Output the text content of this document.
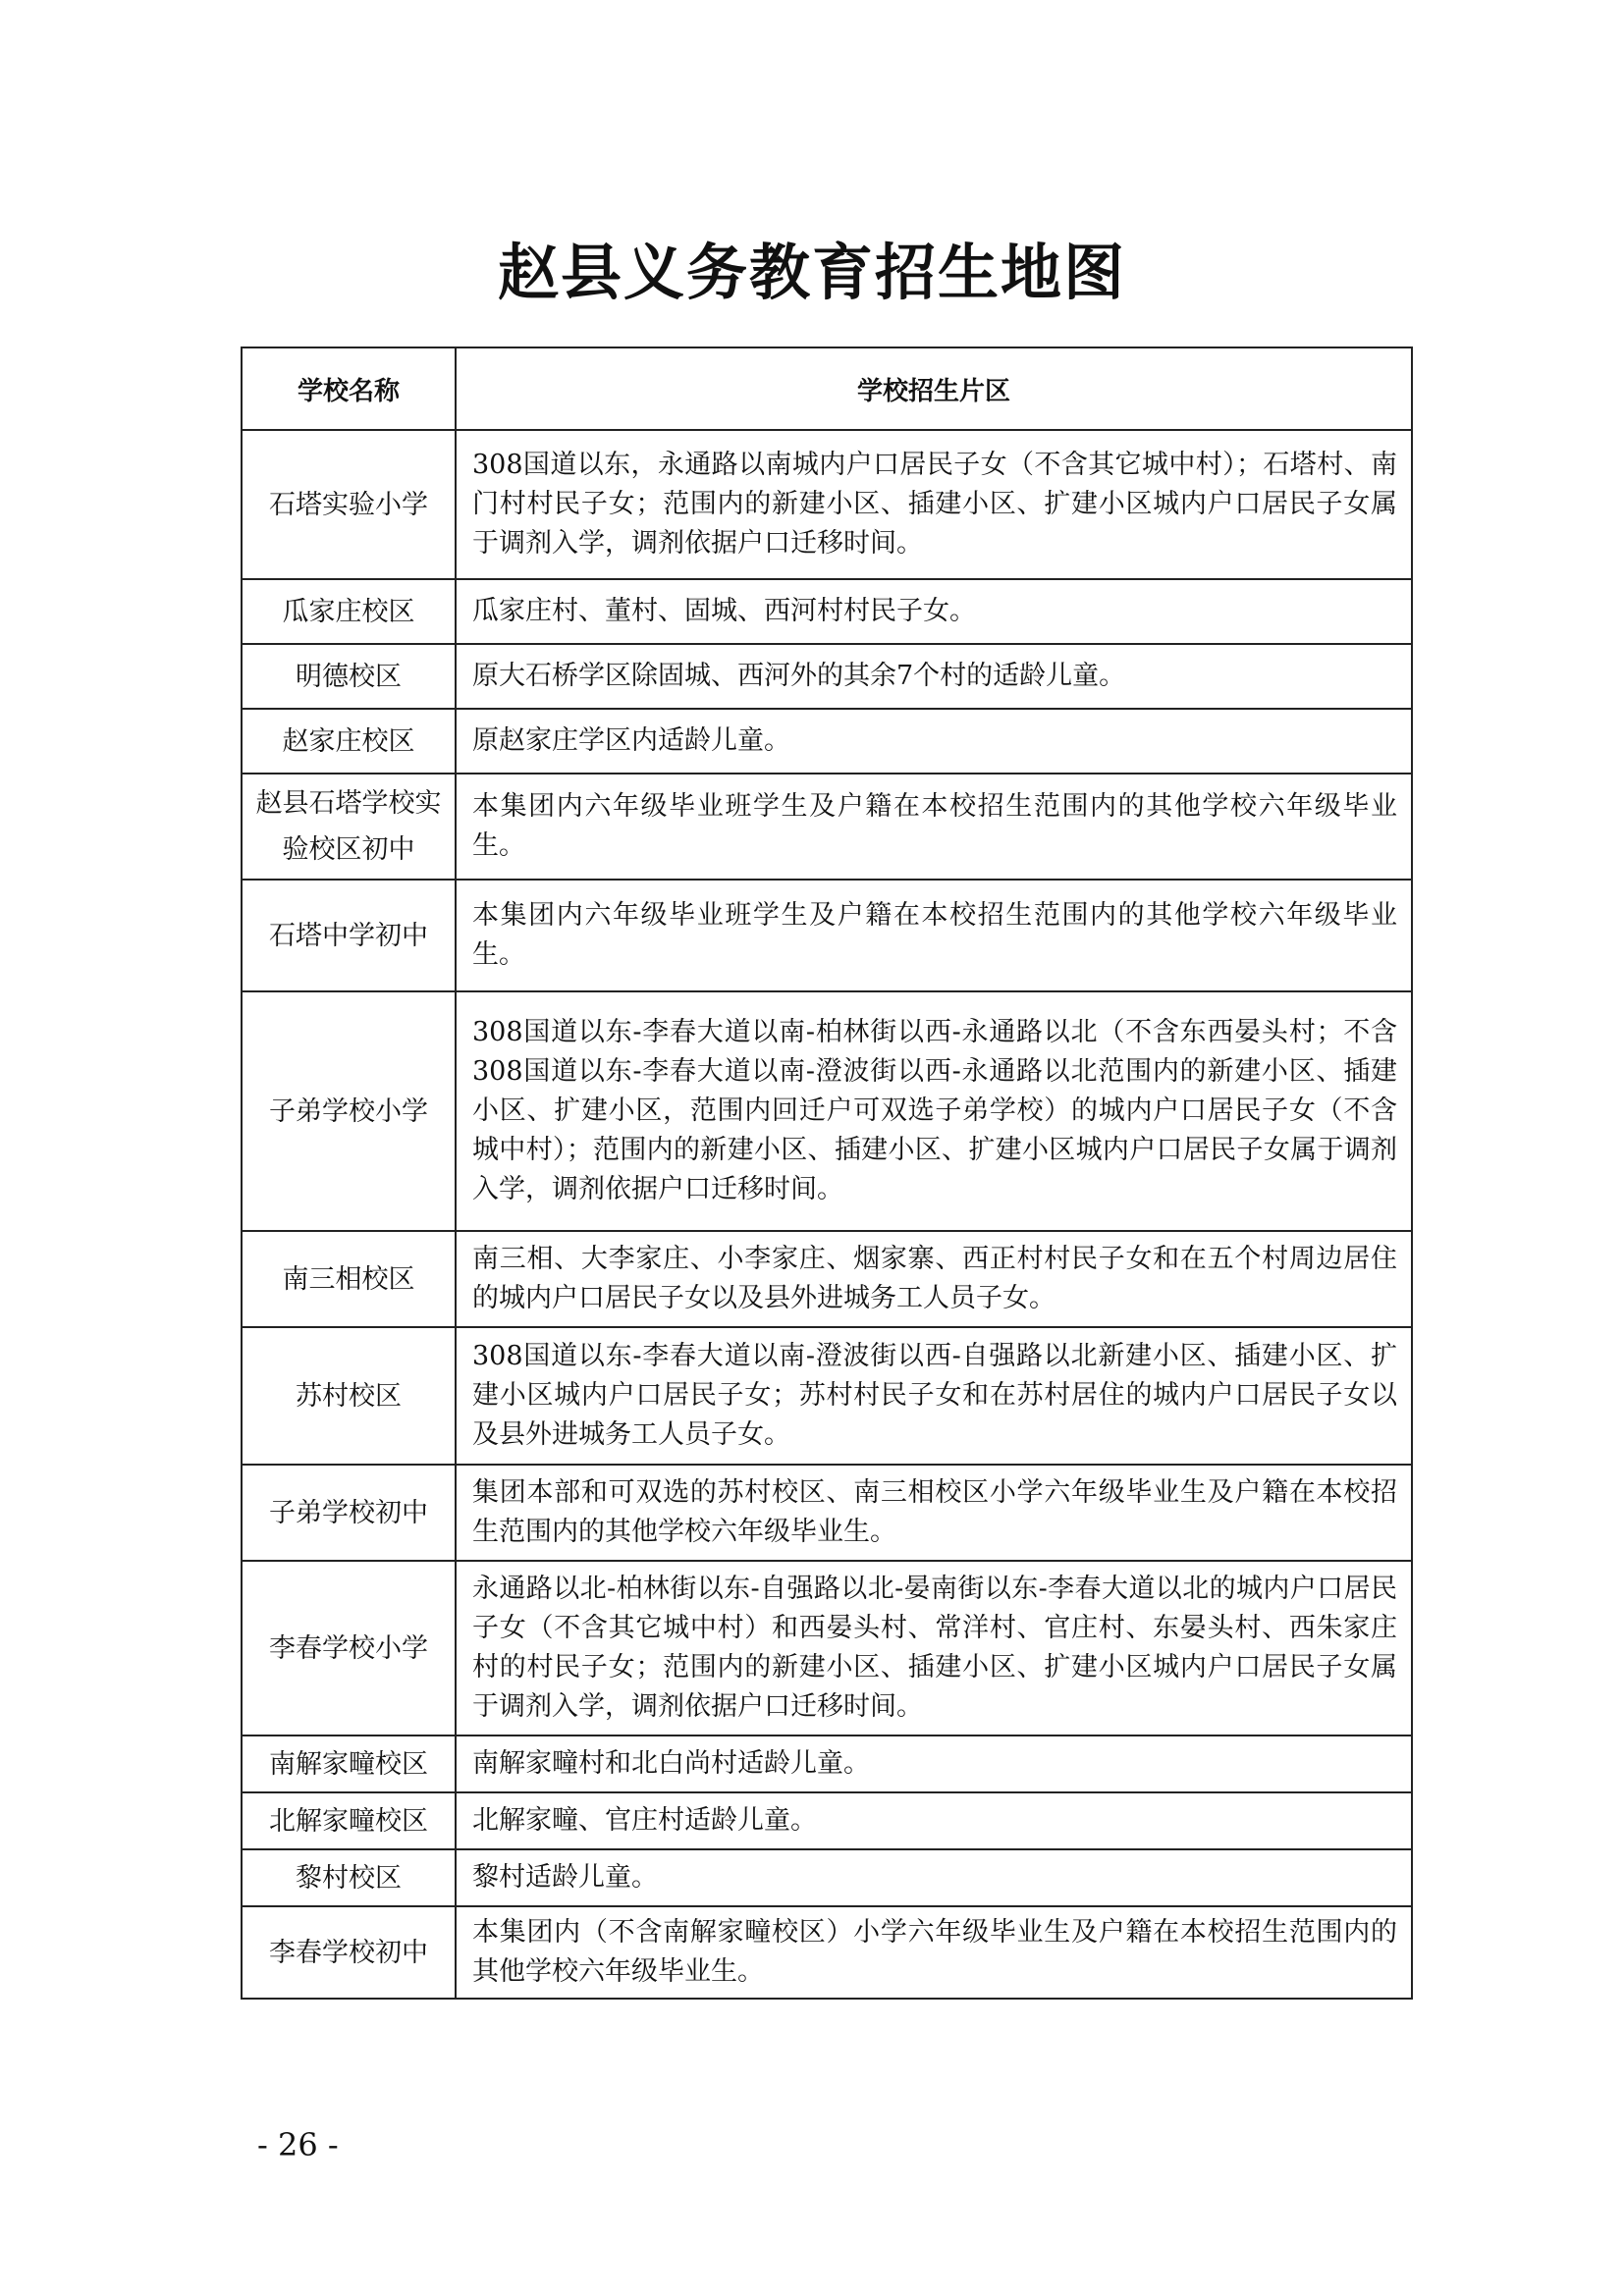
赵县义务教育招生地图
学校名称	学校招生片区
石塔实验小学	308国道以东，永通路以南城内户口居民子女（不含其它城中村）；石塔村、南门村村民子女；范围内的新建小区、插建小区、扩建小区城内户口居民子女属于调剂入学，调剂依据户口迁移时间。
瓜家庄校区	瓜家庄村、董村、固城、西河村村民子女。
明德校区	原大石桥学区除固城、西河外的其余7个村的适龄儿童。
赵家庄校区	原赵家庄学区内适龄儿童。
赵县石塔学校实验校区初中	本集团内六年级毕业班学生及户籍在本校招生范围内的其他学校六年级毕业生。
石塔中学初中	本集团内六年级毕业班学生及户籍在本校招生范围内的其他学校六年级毕业生。
子弟学校小学	308国道以东-李春大道以南-柏林街以西-永通路以北（不含东西晏头村；不含308国道以东-李春大道以南-澄波街以西-永通路以北范围内的新建小区、插建小区、扩建小区，范围内回迁户可双选子弟学校）的城内户口居民子女（不含城中村）；范围内的新建小区、插建小区、扩建小区城内户口居民子女属于调剂入学，调剂依据户口迁移时间。
南三相校区	南三相、大李家庄、小李家庄、烟家寨、西正村村民子女和在五个村周边居住的城内户口居民子女以及县外进城务工人员子女。
苏村校区	308国道以东-李春大道以南-澄波街以西-自强路以北新建小区、插建小区、扩建小区城内户口居民子女；苏村村民子女和在苏村居住的城内户口居民子女以及县外进城务工人员子女。
子弟学校初中	集团本部和可双选的苏村校区、南三相校区小学六年级毕业生及户籍在本校招生范围内的其他学校六年级毕业生。
李春学校小学	永通路以北-柏林街以东-自强路以北-晏南街以东-李春大道以北的城内户口居民子女（不含其它城中村）和西晏头村、常洋村、官庄村、东晏头村、西朱家庄村的村民子女；范围内的新建小区、插建小区、扩建小区城内户口居民子女属于调剂入学，调剂依据户口迁移时间。
南解家疃校区	南解家疃村和北白尚村适龄儿童。
北解家疃校区	北解家疃、官庄村适龄儿童。
黎村校区	黎村适龄儿童。
李春学校初中	本集团内（不含南解家疃校区）小学六年级毕业生及户籍在本校招生范围内的其他学校六年级毕业生。
- 26 -
